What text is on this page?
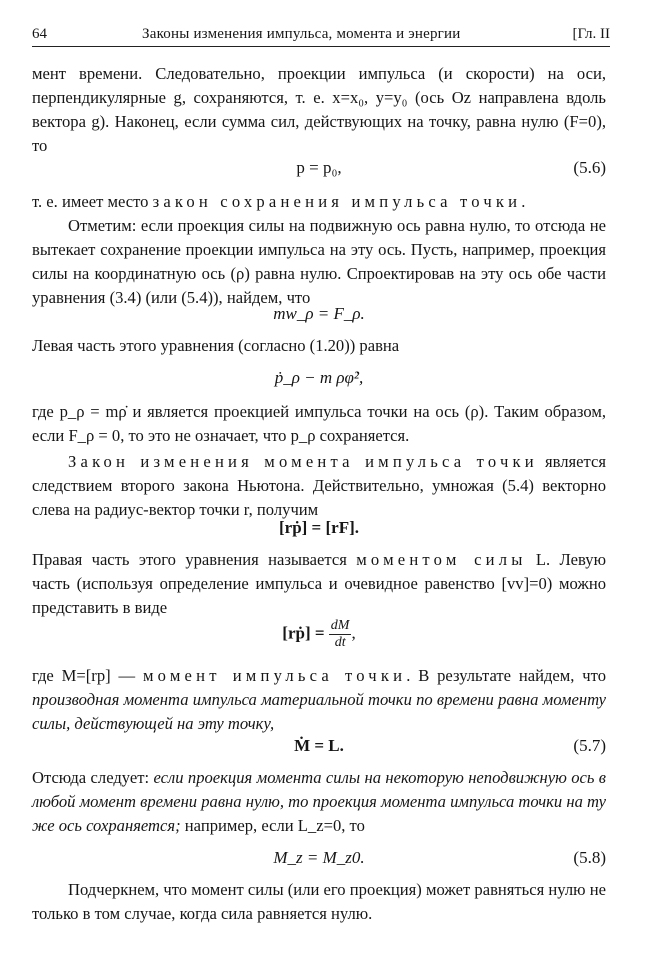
64	Законы изменения импульса, момента и энергии	[Гл. II

мент времени. Следовательно, проекции импульса (и скорости) на оси, перпендикулярные g, сохраняются, т. е. x=x₀, y=y₀ (ось Oz направлена вдоль вектора g). Наконец, если сумма сил, действующих на точку, равна нулю (F=0), то

p = p₀,	(5.6)

т. е. имеет место закон сохранения импульса точки.

Отметим: если проекция силы на подвижную ось равна нулю, то отсюда не вытекает сохранение проекции импульса на эту ось. Пусть, например, проекция силы на координатную ось (ρ) равна нулю. Спроектировав на эту ось обе части уравнения (3.4) (или (5.4)), найдем, что

mw_ρ = F_ρ.

Левая часть этого уравнения (согласно (1.20)) равна

ṗ_ρ − m ρφ̇²,

где p_ρ = mρ̇ и является проекцией импульса точки на ось (ρ). Таким образом, если F_ρ = 0, то это не означает, что p_ρ сохраняется.

Закон изменения момента импульса точки является следствием второго закона Ньютона. Действительно, умножая (5.4) векторно слева на радиус-вектор точки r, получим

[rṗ] = [rF].

Правая часть этого уравнения называется моментом силы L. Левую часть (используя определение импульса и очевидное равенство [vv]=0) можно представить в виде

[rṗ] = $\frac{dM}{dt}$ ,

где M=[rp] — момент импульса точки. В результате найдем, что производная момента импульса материальной точки по времени равна моменту силы, действующей на эту точку,

Ṁ = L.	(5.7)

Отсюда следует: если проекция момента силы на некоторую неподвижную ось в любой момент времени равна нулю, то проекция момента импульса точки на ту же ось сохраняется; например, если L_z=0, то

M_z = M_z0.	(5.8)

Подчеркнем, что момент силы (или его проекция) может равняться нулю не только в том случае, когда сила равняется нулю.
